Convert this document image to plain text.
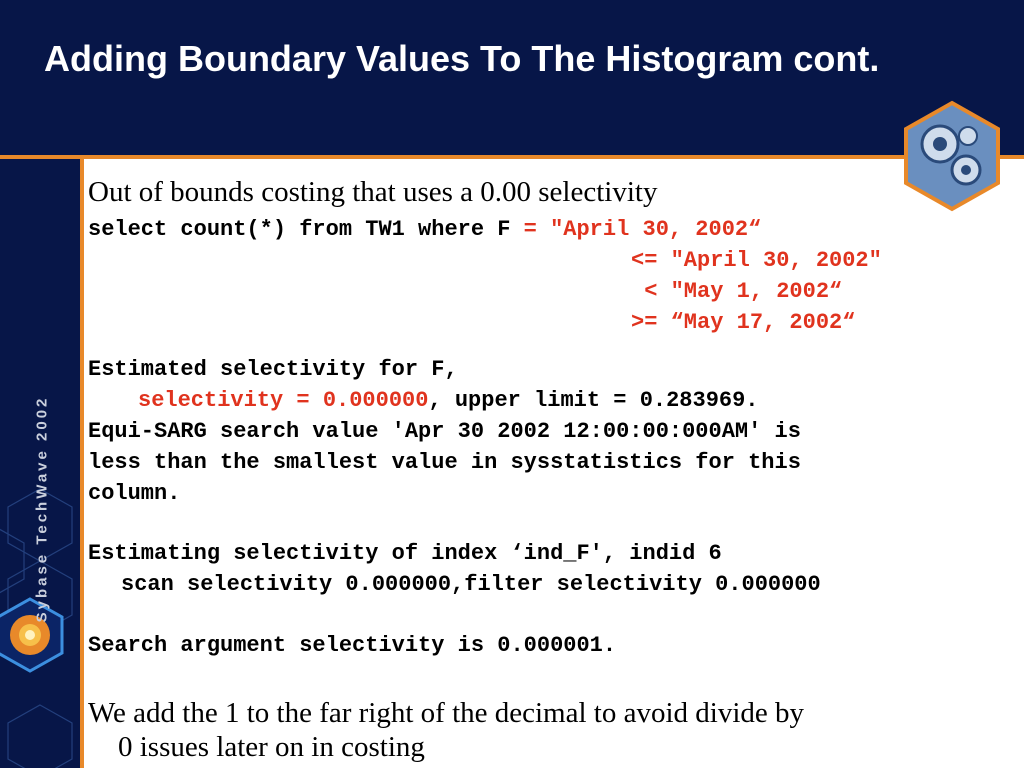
Adding Boundary Values To The Histogram cont.
Sybase TechWave 2002
Out of bounds costing that uses a 0.00 selectivity
select count(*) from TW1 where F = "April 30, 2002“
<= "April 30, 2002"
< "May 1, 2002“
>= “May 17, 2002“
Estimated selectivity for F,
selectivity = 0.000000, upper limit = 0.283969.
Equi-SARG search value 'Apr 30 2002 12:00:00:000AM' is
less than the smallest value in sysstatistics for this
column.
Estimating selectivity of index ‘ind_F', indid 6
scan selectivity 0.000000,filter selectivity 0.000000
Search argument selectivity is 0.000001.
We add the 1 to the far right of the decimal to avoid divide by
0 issues later on in costing
